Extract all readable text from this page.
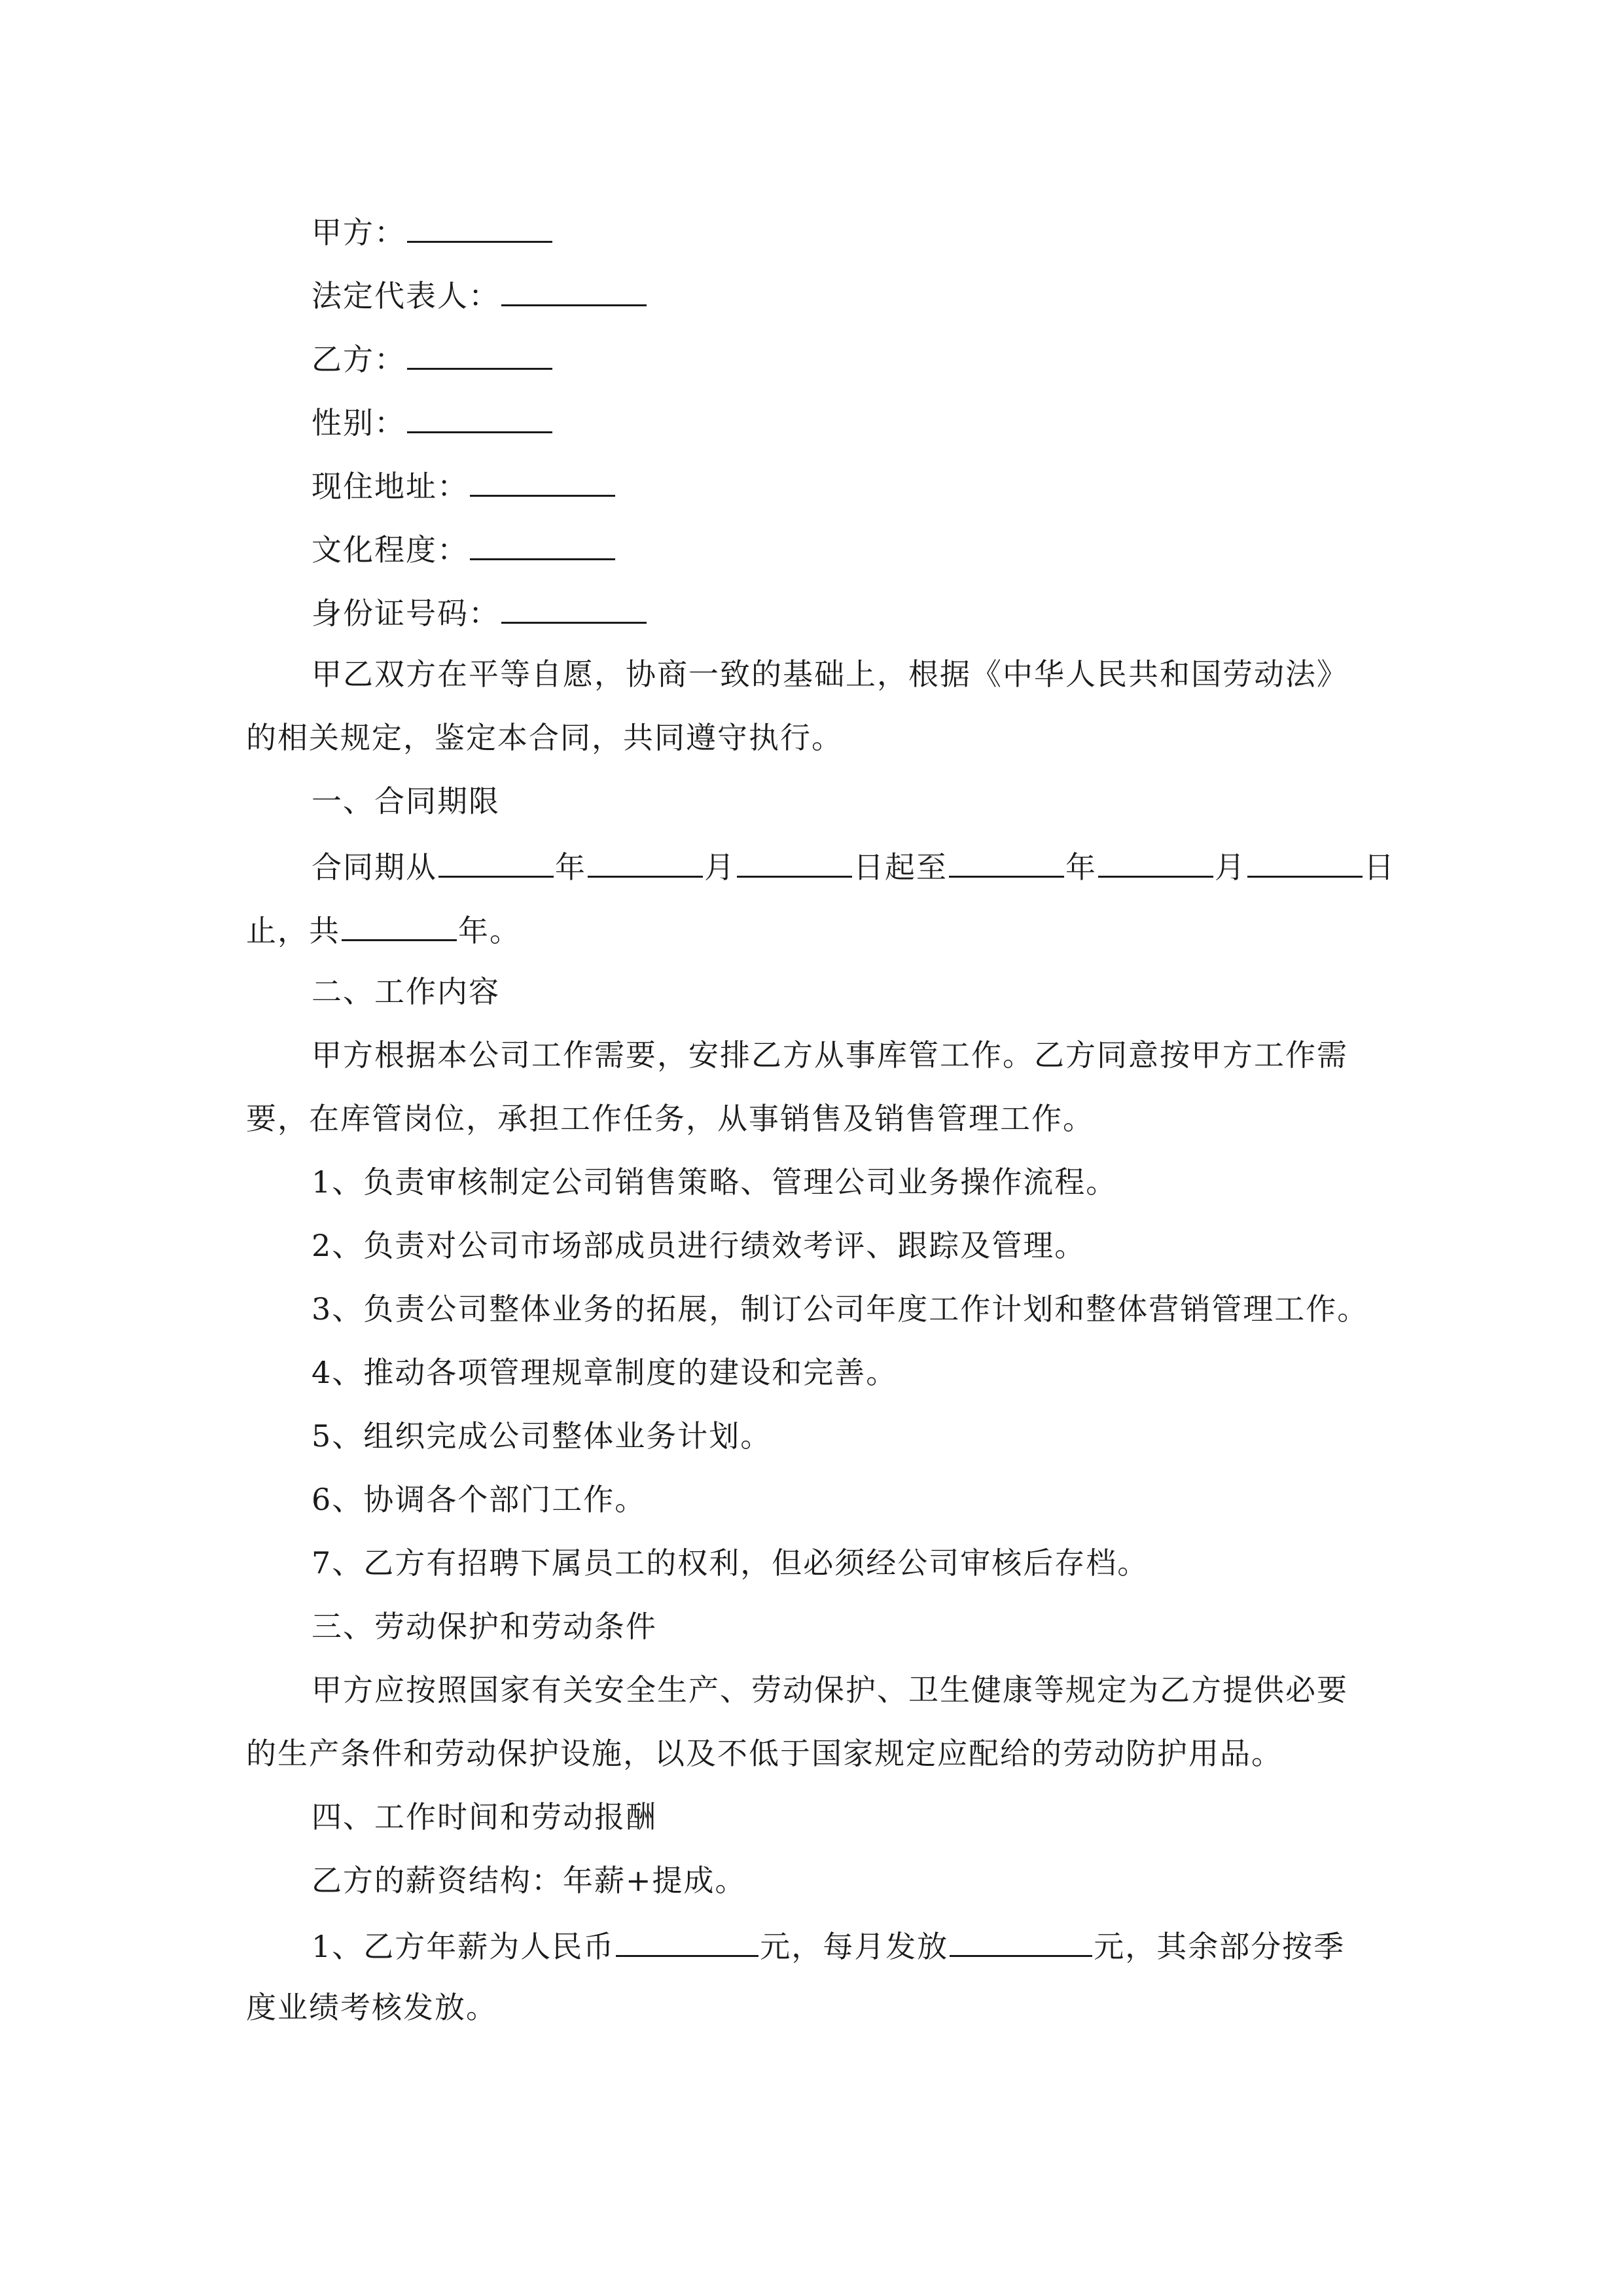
甲方：
法定代表人：
乙方：
性别：
现住地址：
文化程度：
身份证号码：
甲乙双方在平等自愿，协商一致的基础上，根据《中华人民共和国劳动法》
的相关规定，鉴定本合同，共同遵守执行。
一、合同期限
合同期从	年	月	日起至	年	月	日
止，共	年。
二、工作内容
甲方根据本公司工作需要，安排乙方从事库管工作。乙方同意按甲方工作需
要，在库管岗位，承担工作任务，从事销售及销售管理工作。
1、负责审核制定公司销售策略、管理公司业务操作流程。
2、负责对公司市场部成员进行绩效考评、跟踪及管理。
3、负责公司整体业务的拓展，制订公司年度工作计划和整体营销管理工作。
4、推动各项管理规章制度的建设和完善。
5、组织完成公司整体业务计划。
6、协调各个部门工作。
7、乙方有招聘下属员工的权利，但必须经公司审核后存档。
三、劳动保护和劳动条件
甲方应按照国家有关安全生产、劳动保护、卫生健康等规定为乙方提供必要
的生产条件和劳动保护设施，以及不低于国家规定应配给的劳动防护用品。
四、工作时间和劳动报酬
乙方的薪资结构：年薪+提成。
1、乙方年薪为人民币	元，每月发放	元，其余部分按季
度业绩考核发放。
